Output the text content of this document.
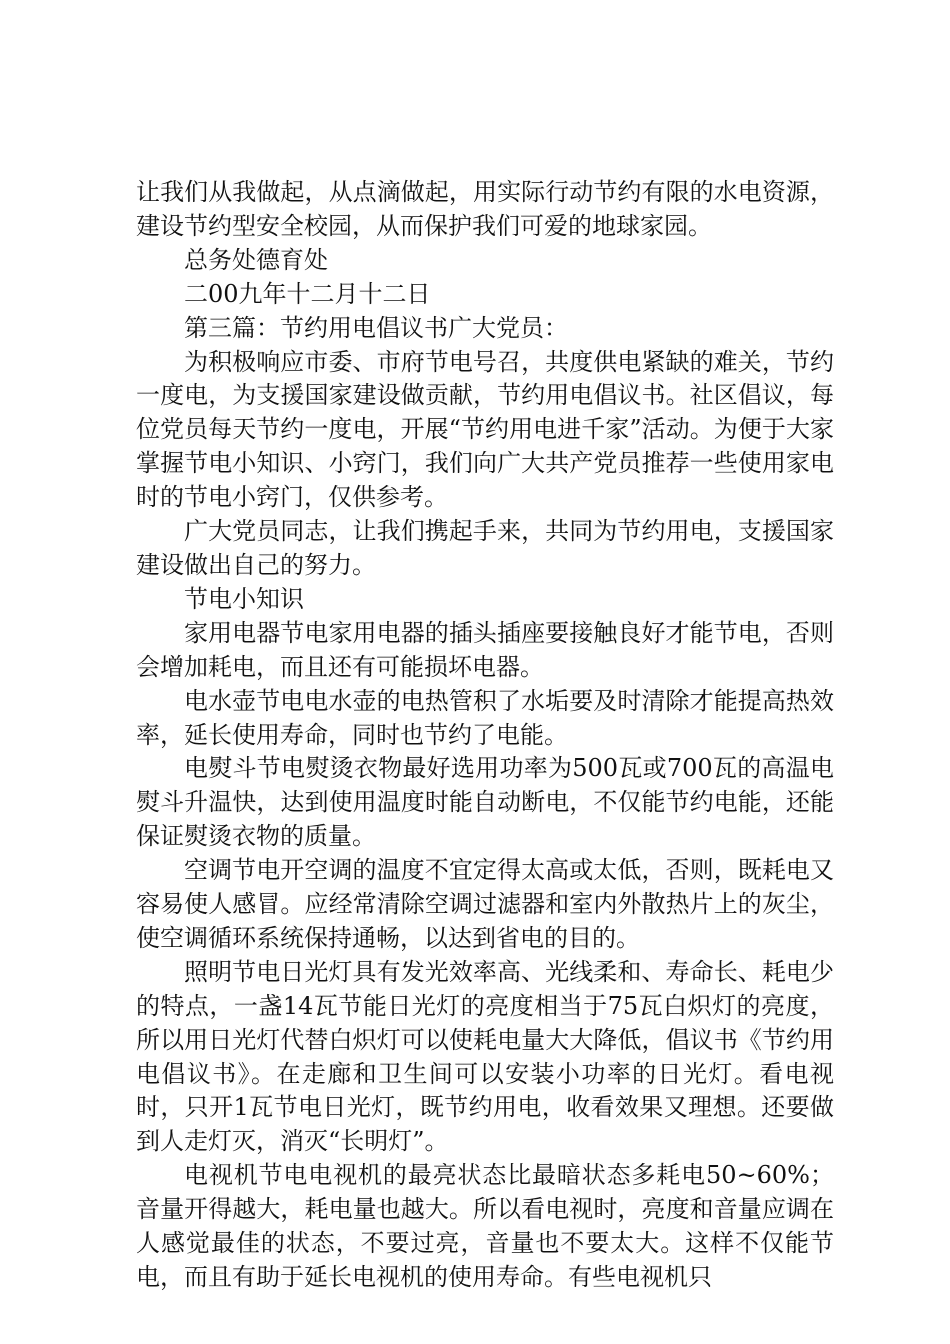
让我们从我做起，从点滴做起，用实际行动节约有限的水电资源，建设节约型安全校园，从而保护我们可爱的地球家园。

总务处德育处

二00九年十二月十二日

第三篇：节约用电倡议书广大党员：

为积极响应市委、市府节电号召，共度供电紧缺的难关，节约一度电，为支援国家建设做贡献，节约用电倡议书。社区倡议，每位党员每天节约一度电，开展“节约用电进千家”活动。为便于大家掌握节电小知识、小窍门，我们向广大共产党员推荐一些使用家电时的节电小窍门，仅供参考。

广大党员同志，让我们携起手来，共同为节约用电，支援国家建设做出自己的努力。

节电小知识

家用电器节电家用电器的插头插座要接触良好才能节电，否则会增加耗电，而且还有可能损坏电器。

电水壶节电电水壶的电热管积了水垢要及时清除才能提高热效率，延长使用寿命，同时也节约了电能。

电熨斗节电熨烫衣物最好选用功率为500瓦或700瓦的高温电熨斗升温快，达到使用温度时能自动断电，不仅能节约电能，还能保证熨烫衣物的质量。

空调节电开空调的温度不宜定得太高或太低，否则，既耗电又容易使人感冒。应经常清除空调过滤器和室内外散热片上的灰尘，使空调循环系统保持通畅，以达到省电的目的。

照明节电日光灯具有发光效率高、光线柔和、寿命长、耗电少的特点，一盏14瓦节能日光灯的亮度相当于75瓦白炽灯的亮度，所以用日光灯代替白炽灯可以使耗电量大大降低，倡议书《节约用电倡议书》。在走廊和卫生间可以安装小功率的日光灯。看电视时，只开1瓦节电日光灯，既节约用电，收看效果又理想。还要做到人走灯灭，消灭“长明灯”。

电视机节电电视机的最亮状态比最暗状态多耗电50~60%；音量开得越大，耗电量也越大。所以看电视时，亮度和音量应调在人感觉最佳的状态，不要过亮，音量也不要太大。这样不仅能节电，而且有助于延长电视机的使用寿命。有些电视机只
